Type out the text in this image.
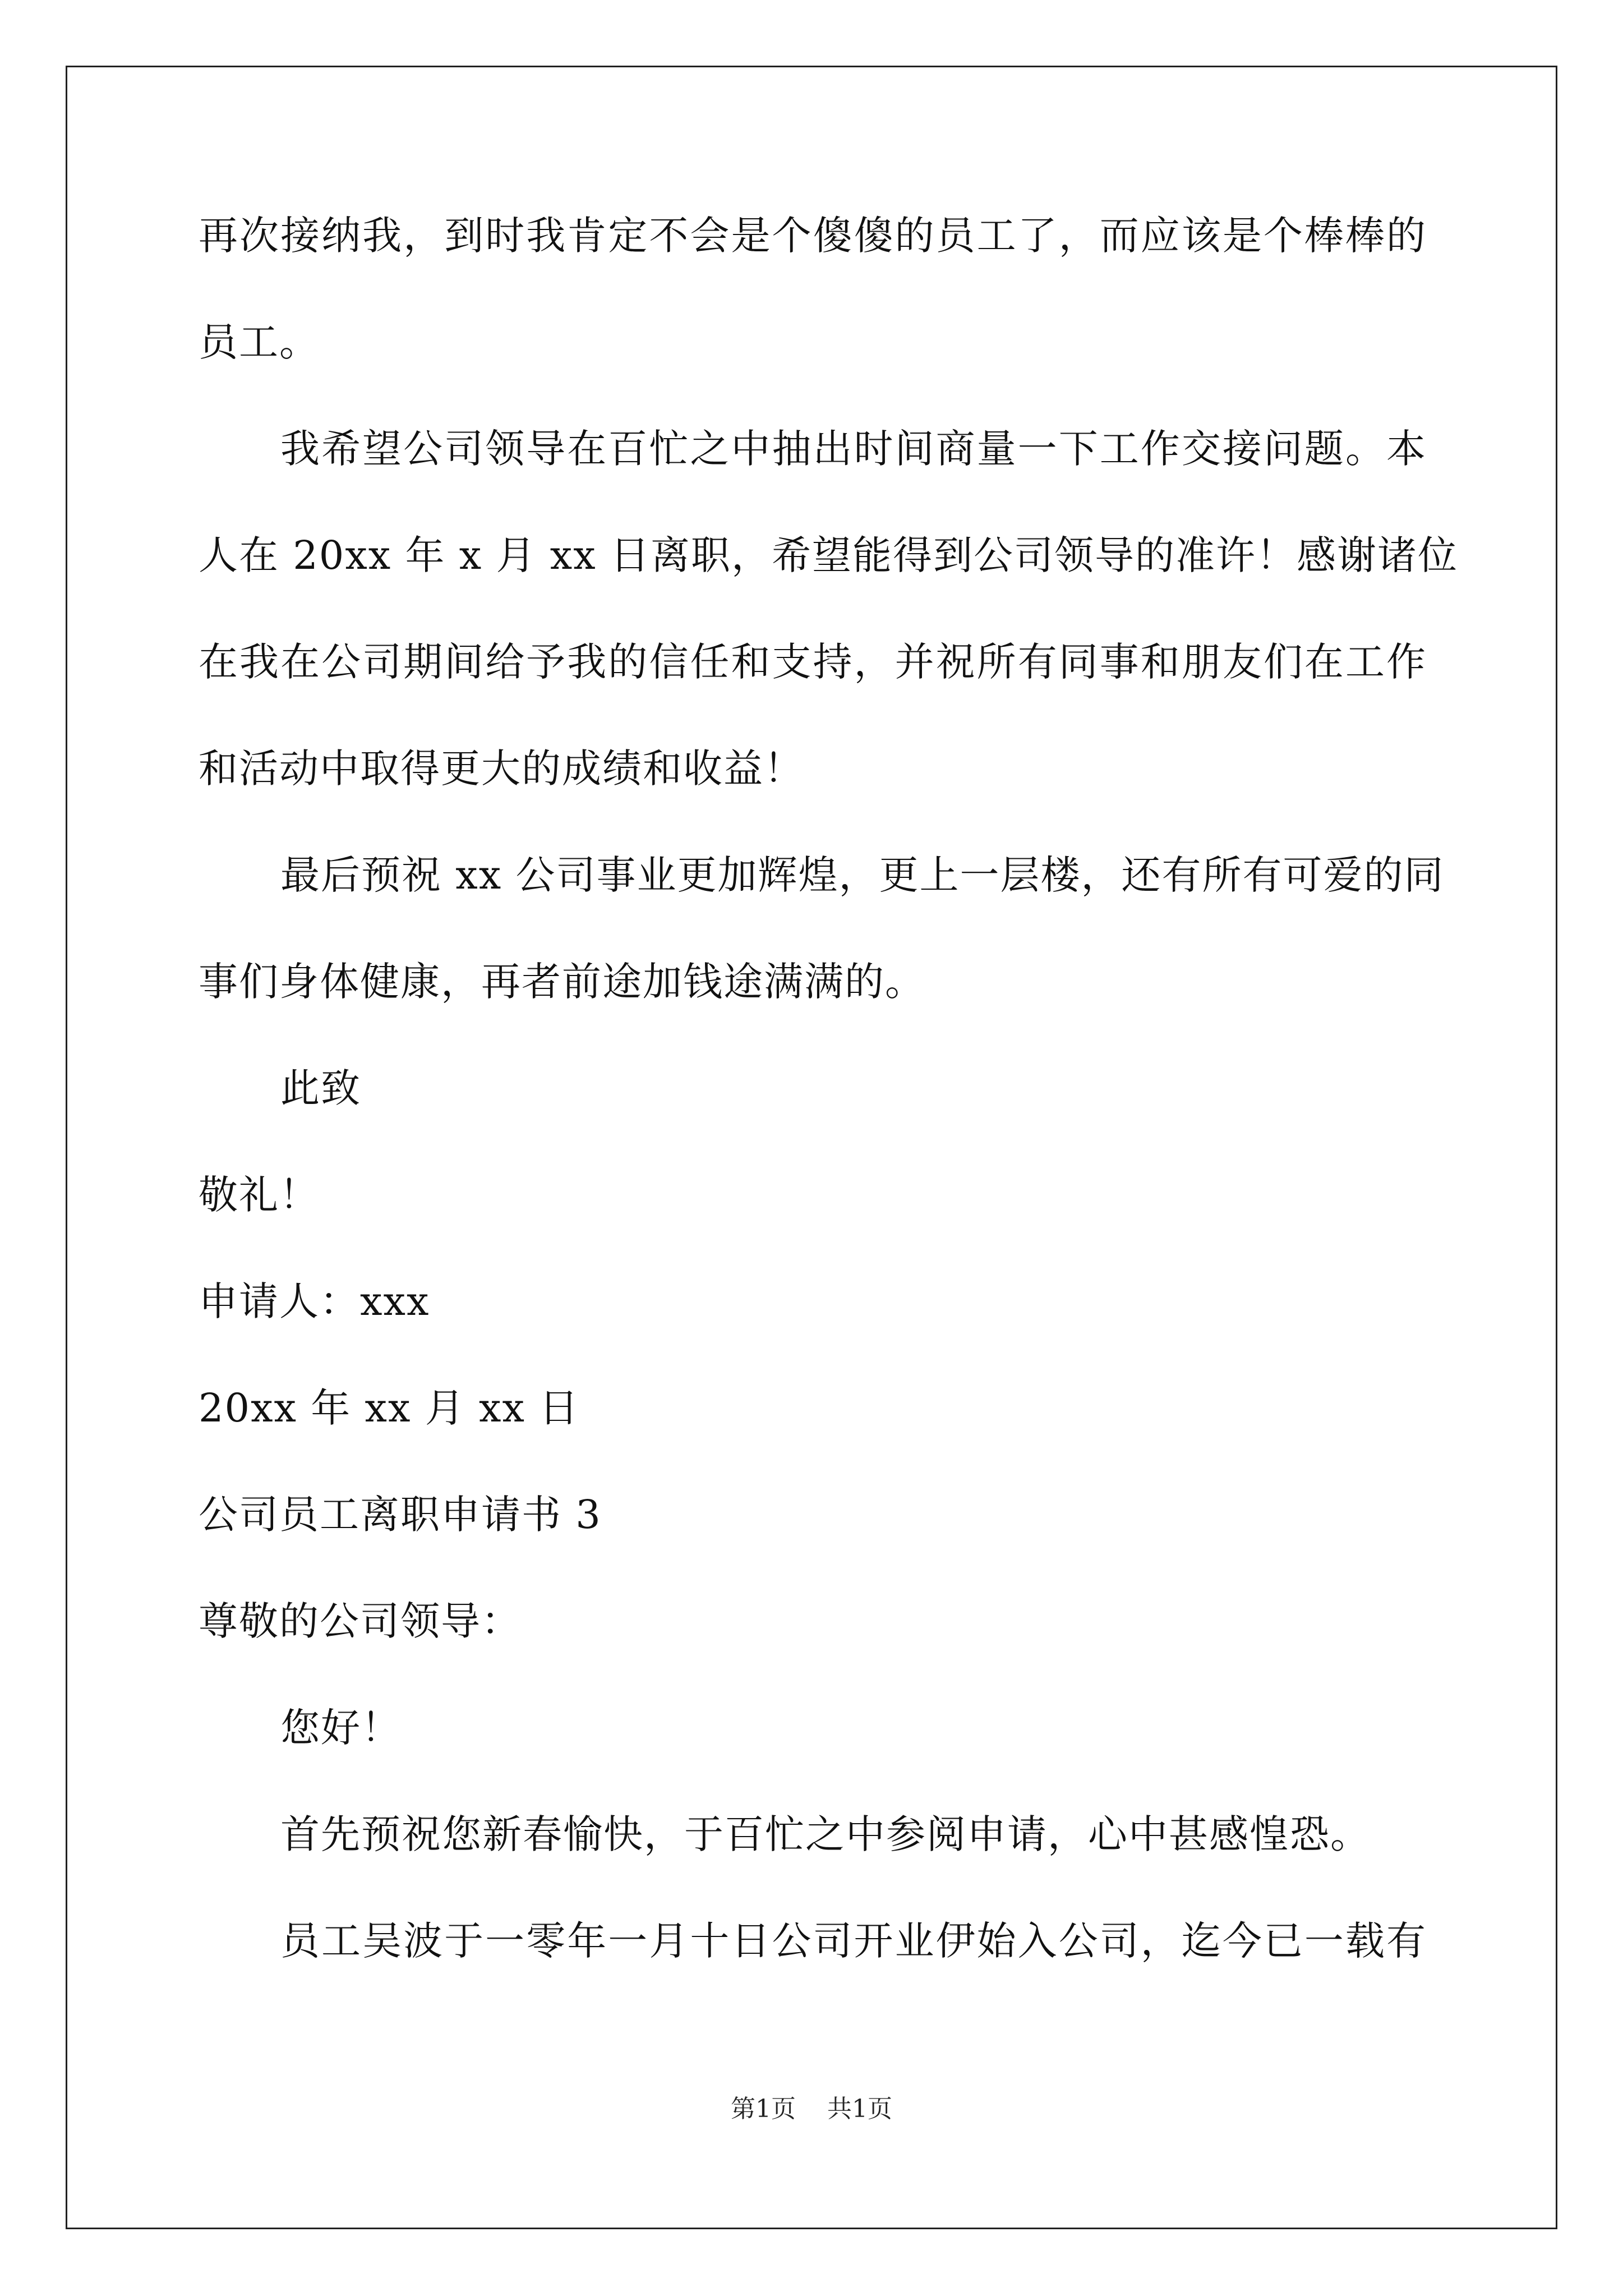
再次接纳我，到时我肯定不会是个傻傻的员工了，而应该是个棒棒的
员工。
我希望公司领导在百忙之中抽出时间商量一下工作交接问题。本
人在 20xx 年 x 月 xx 日离职，希望能得到公司领导的准许！感谢诸位
在我在公司期间给予我的信任和支持，并祝所有同事和朋友们在工作
和活动中取得更大的成绩和收益！
最后预祝 xx 公司事业更加辉煌，更上一层楼，还有所有可爱的同
事们身体健康，再者前途加钱途满满的。
此致
敬礼！
申请人：xxx
20xx 年 xx 月 xx 日
公司员工离职申请书 3
尊敬的公司领导：
您好！
首先预祝您新春愉快，于百忙之中参阅申请，心中甚感惶恐。
员工吴波于一零年一月十日公司开业伊始入公司，迄今已一载有
第1页 共1页
